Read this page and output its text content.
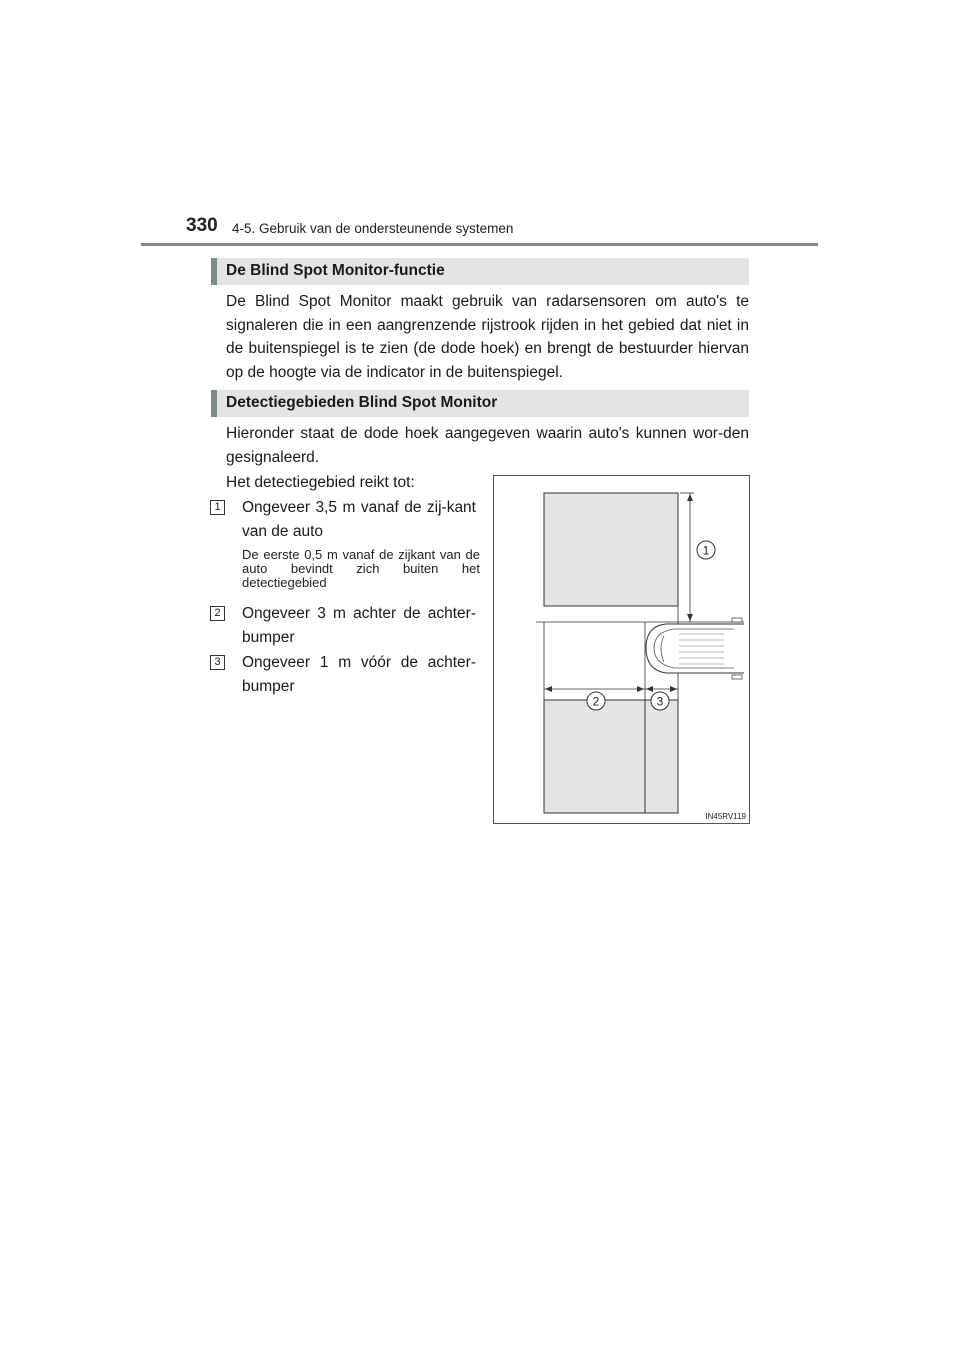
330 4-5. Gebruik van de ondersteunende systemen
De Blind Spot Monitor-functie

De Blind Spot Monitor maakt gebruik van radarsensoren om auto's te signaleren die in een aangrenzende rijstrook rijden in het gebied dat niet in de buitenspiegel is te zien (de dode hoek) en brengt de bestuurder hiervan op de hoogte via de indicator in de buitenspiegel.

Detectiegebieden Blind Spot Monitor

Hieronder staat de dode hoek aangegeven waarin auto's kunnen wor-den gesignaleerd.

Het detectiegebied reikt tot:

1 Ongeveer 3,5 m vanaf de zij-kant van de auto

De eerste 0,5 m vanaf de zijkant van de auto bevindt zich buiten het detectiegebied

2 Ongeveer 3 m achter de achter-bumper

3 Ongeveer 1 m vóór de achter-bumper

1
2	3
IN45RV119
